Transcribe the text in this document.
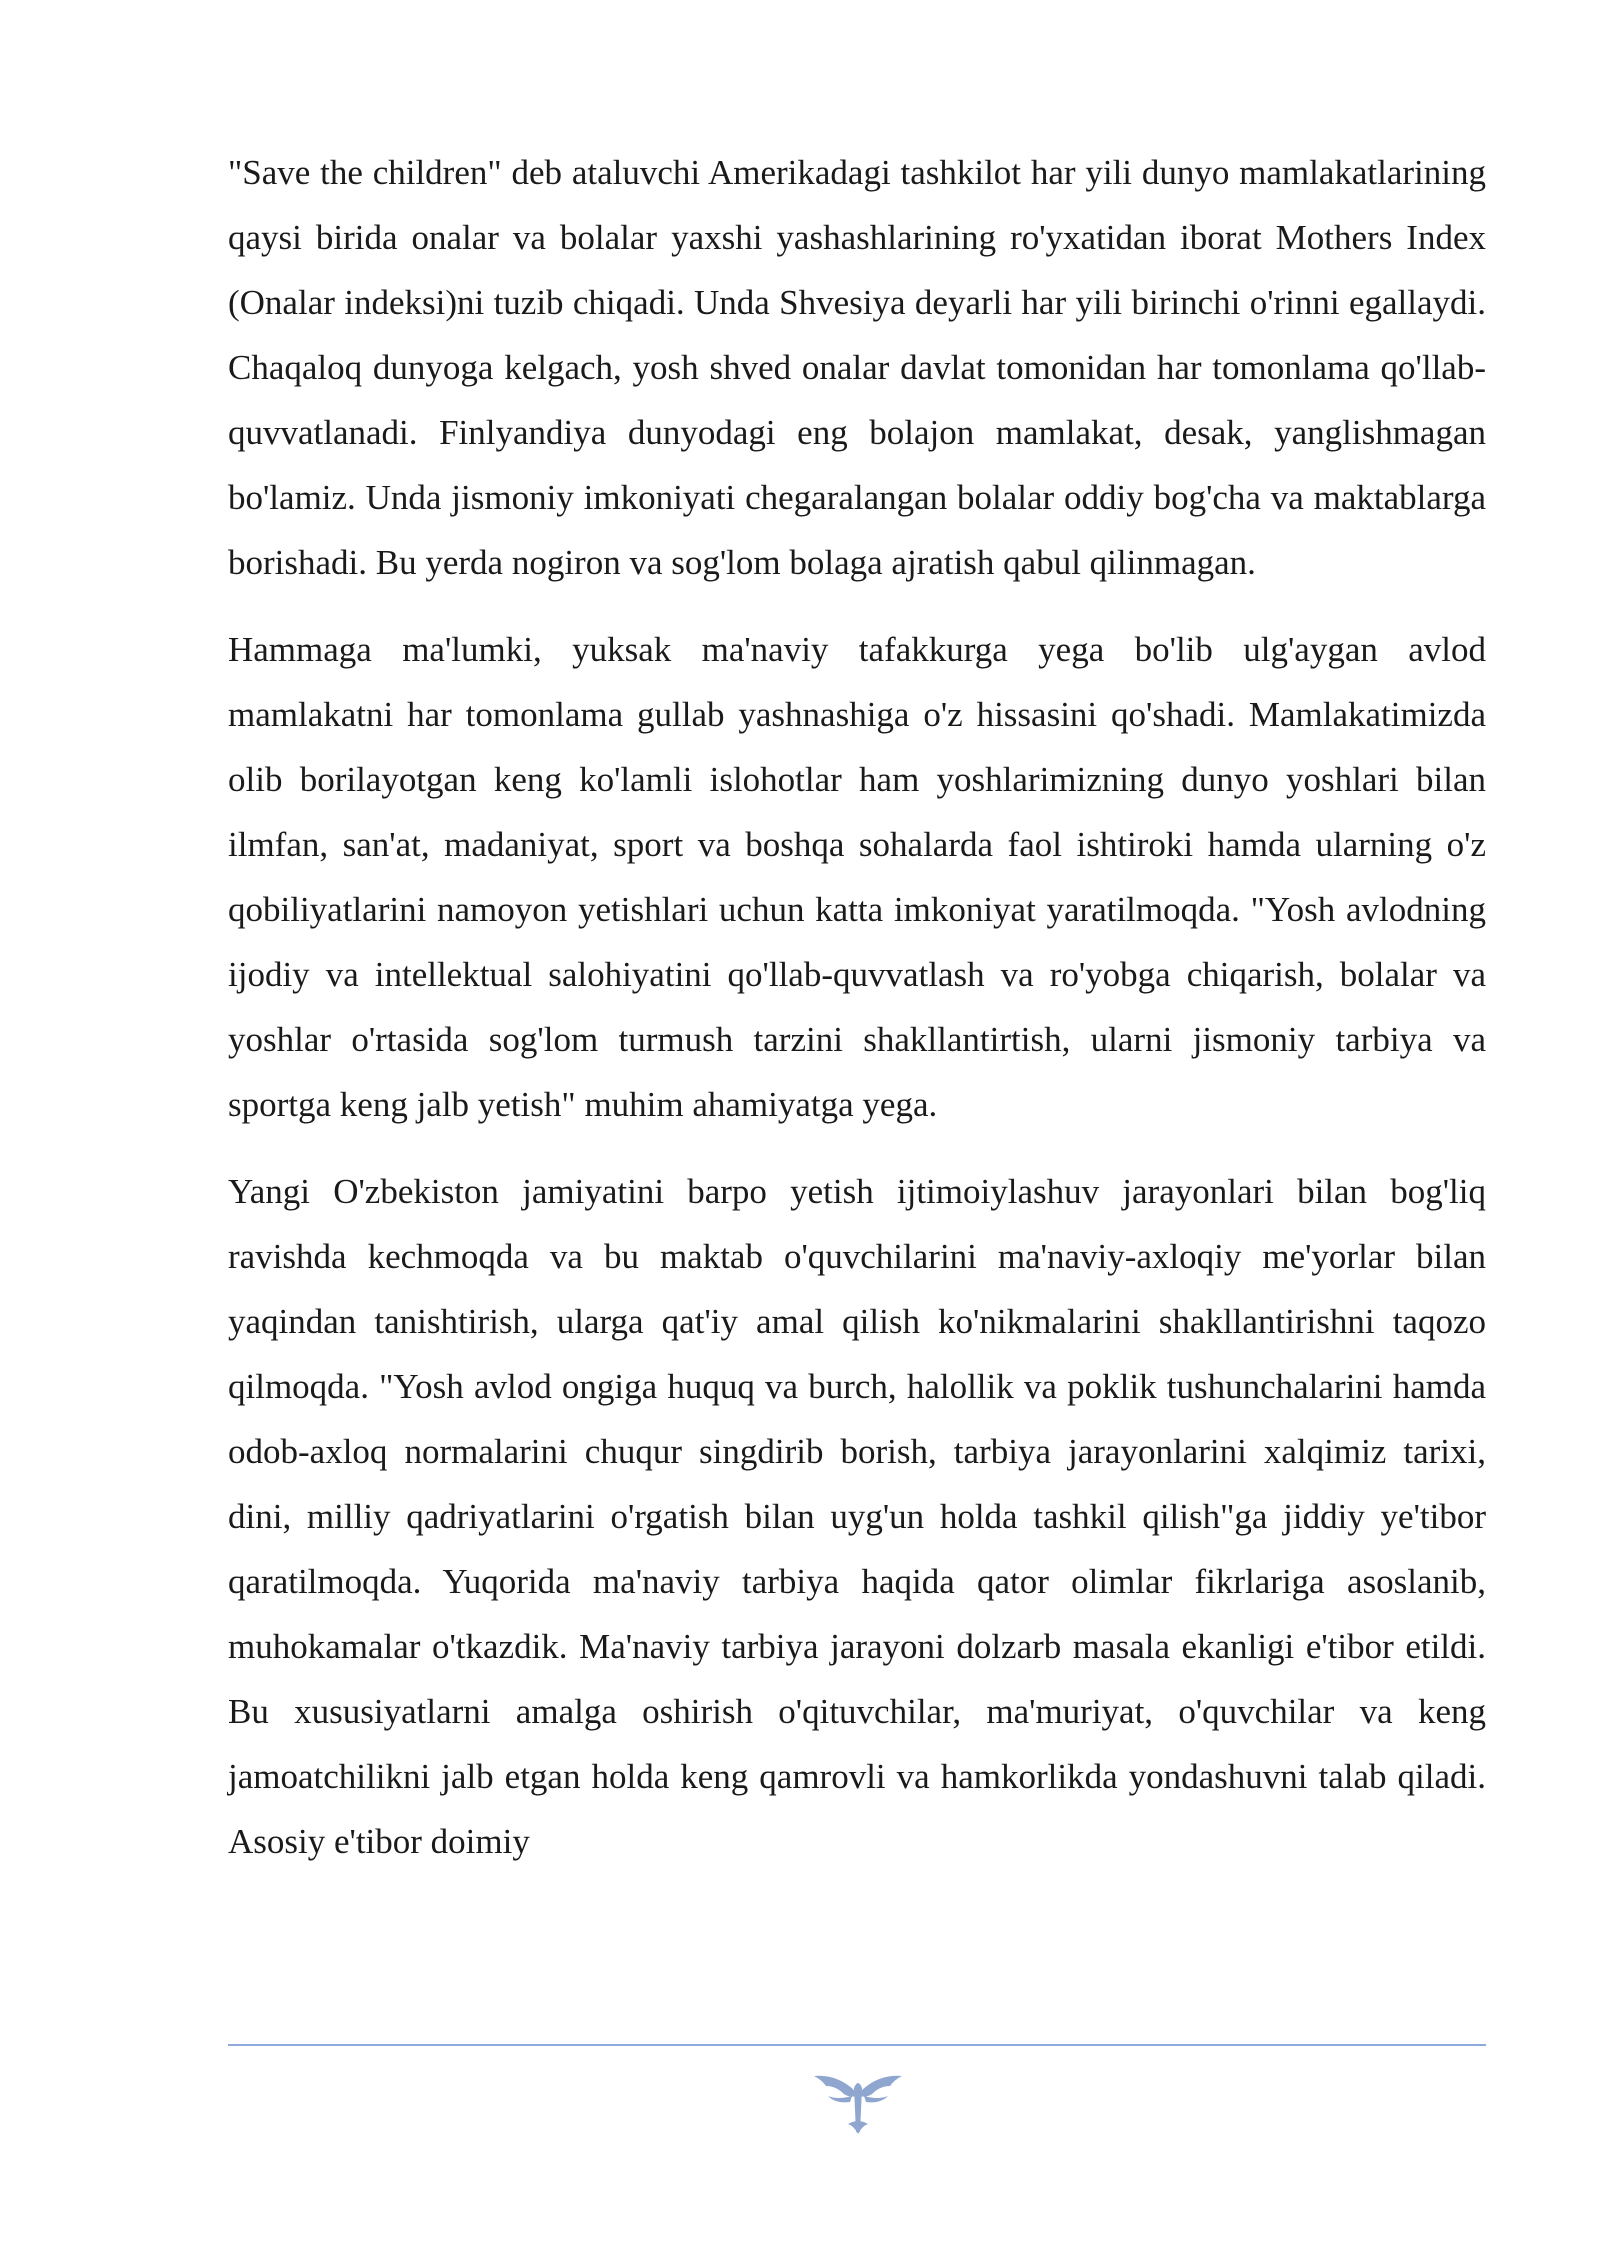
"Save the children" deb ataluvchi Amerikadagi tashkilot har yili dunyo mamlakatlarining qaysi birida onalar va bolalar yaxshi yashashlarining ro'yxatidan iborat Mothers Index (Onalar indeksi)ni tuzib chiqadi. Unda Shvesiya deyarli har yili birinchi o'rinni egallaydi. Chaqaloq dunyoga kelgach, yosh shved onalar davlat tomonidan har tomonlama qo'llab-quvvatlanadi. Finlyandiya dunyodagi eng bolajon mamlakat, desak, yanglishmagan bo'lamiz. Unda jismoniy imkoniyati chegaralangan bolalar oddiy bog'cha va maktablarga borishadi. Bu yerda nogiron va sog'lom bolaga ajratish qabul qilinmagan.

Hammaga ma'lumki, yuksak ma'naviy tafakkurga yega bo'lib ulg'aygan avlod mamlakatni har tomonlama gullab yashnashiga o'z hissasini qo'shadi. Mamlakatimizda olib borilayotgan keng ko'lamli islohotlar ham yoshlarimizning dunyo yoshlari bilan ilmfan, san'at, madaniyat, sport va boshqa sohalarda faol ishtiroki hamda ularning o'z qobiliyatlarini namoyon yetishlari uchun katta imkoniyat yaratilmoqda. "Yosh avlodning ijodiy va intellektual salohiyatini qo'llab-quvvatlash va ro'yobga chiqarish, bolalar va yoshlar o'rtasida sog'lom turmush tarzini shakllantirtish, ularni jismoniy tarbiya va sportga keng jalb yetish" muhim ahamiyatga yega.

Yangi O'zbekiston jamiyatini barpo yetish ijtimoiylashuv jarayonlari bilan bog'liq ravishda kechmoqda va bu maktab o'quvchilarini ma'naviy-axloqiy me'yorlar bilan yaqindan tanishtirish, ularga qat'iy amal qilish ko'nikmalarini shakllantirishni taqozo qilmoqda. "Yosh avlod ongiga huquq va burch, halollik va poklik tushunchalarini hamda odob-axloq normalarini chuqur singdirib borish, tarbiya jarayonlarini xalqimiz tarixi, dini, milliy qadriyatlarini o'rgatish bilan uyg'un holda tashkil qilish"ga jiddiy ye'tibor qaratilmoqda. Yuqorida ma'naviy tarbiya haqida qator olimlar fikrlariga asoslanib, muhokamalar o'tkazdik. Ma'naviy tarbiya jarayoni dolzarb masala ekanligi e'tibor etildi. Bu xususiyatlarni amalga oshirish o'qituvchilar, ma'muriyat, o'quvchilar va keng jamoatchilikni jalb etgan holda keng qamrovli va hamkorlikda yondashuvni talab qiladi. Asosiy e'tibor doimiy
